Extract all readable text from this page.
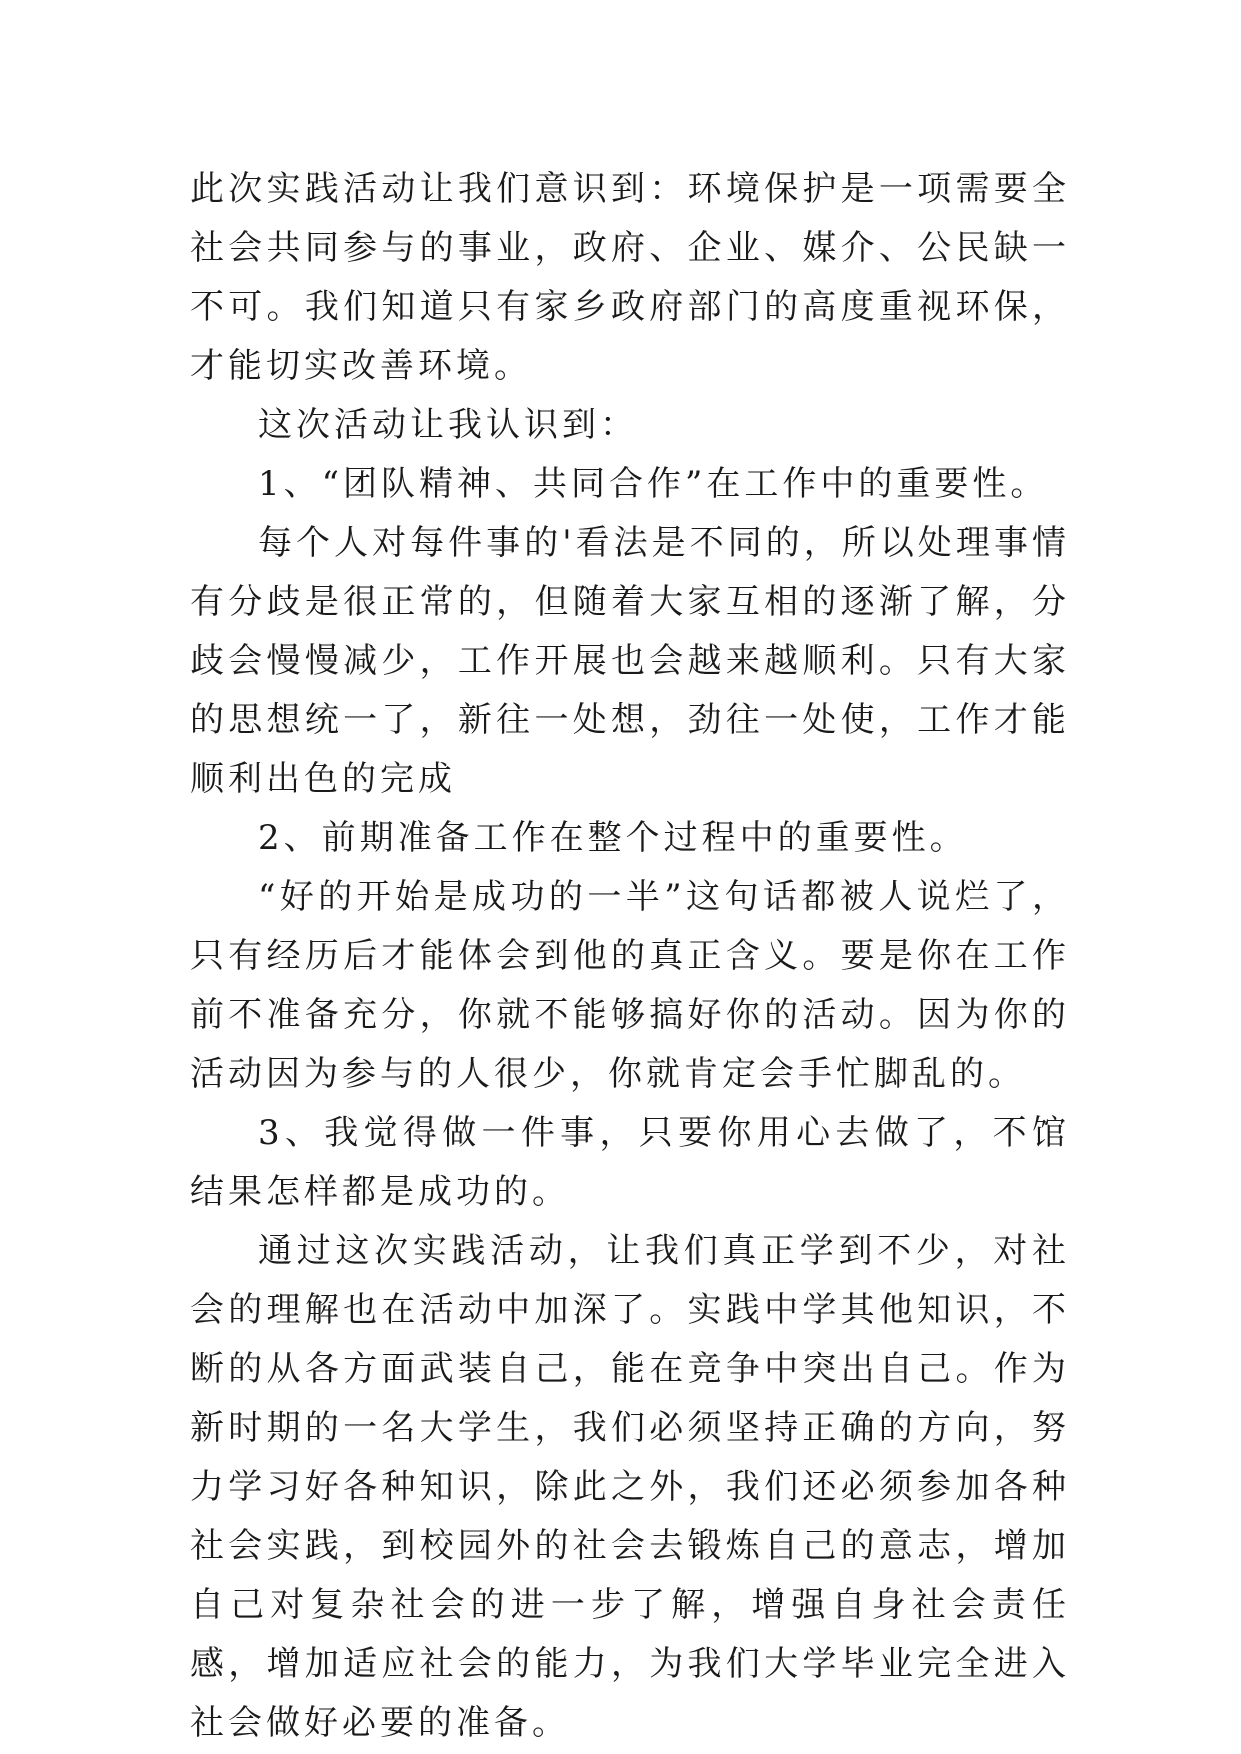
此次实践活动让我们意识到：环境保护是一项需要全社会共同参与的事业，政府、企业、媒介、公民缺一不可。我们知道只有家乡政府部门的高度重视环保，才能切实改善环境。

这次活动让我认识到：

1、“团队精神、共同合作”在工作中的重要性。

每个人对每件事的'看法是不同的，所以处理事情有分歧是很正常的，但随着大家互相的逐渐了解，分歧会慢慢减少，工作开展也会越来越顺利。只有大家的思想统一了，新往一处想，劲往一处使，工作才能顺利出色的完成

2、前期准备工作在整个过程中的重要性。

“好的开始是成功的一半”这句话都被人说烂了，只有经历后才能体会到他的真正含义。要是你在工作前不准备充分，你就不能够搞好你的活动。因为你的活动因为参与的人很少，你就肯定会手忙脚乱的。

3、我觉得做一件事，只要你用心去做了，不馆结果怎样都是成功的。

通过这次实践活动，让我们真正学到不少，对社会的理解也在活动中加深了。实践中学其他知识，不断的从各方面武装自己，能在竞争中突出自己。作为新时期的一名大学生，我们必须坚持正确的方向，努力学习好各种知识，除此之外，我们还必须参加各种社会实践，到校园外的社会去锻炼自己的意志，增加自己对复杂社会的进一步了解，增强自身社会责任感，增加适应社会的能力，为我们大学毕业完全进入社会做好必要的准备。
